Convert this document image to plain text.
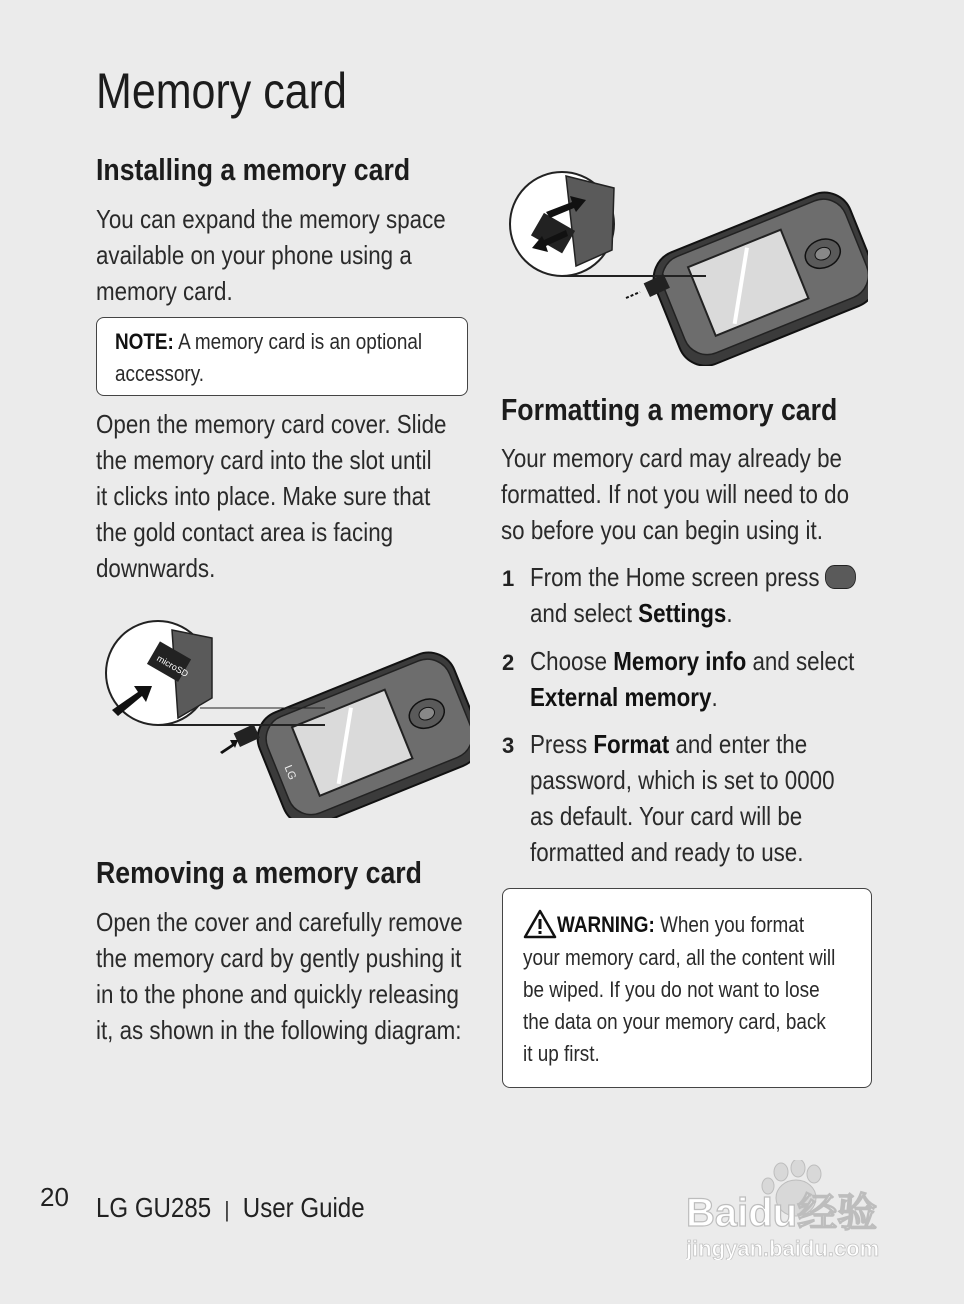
Memory card
Installing a memory card
You can expand the memory space
available on your phone using a
memory card.
NOTE: A memory card is an optional
accessory.
Open the memory card cover. Slide
the memory card into the slot until
it clicks into place. Make sure that
the gold contact area is facing
downwards.
LG
microSD
Removing a memory card
Open the cover and carefully remove
the memory card by gently pushing it
in to the phone and quickly releasing
it, as shown in the following diagram:
Formatting a memory card
Your memory card may already be
formatted. If not you will need to do
so before you can begin using it.
1 From the Home screen press
and select Settings.
2 Choose Memory info and select
External memory.
3 Press Format and enter the
password, which is set to 0000
as default. Your card will be
formatted and ready to use.
WARNING: When you format
your memory card, all the content will
be wiped. If you do not want to lose
the data on your memory card, back
it up first.
20 LG GU285 | User Guide	Baidu经验
jingyan.baidu.com
